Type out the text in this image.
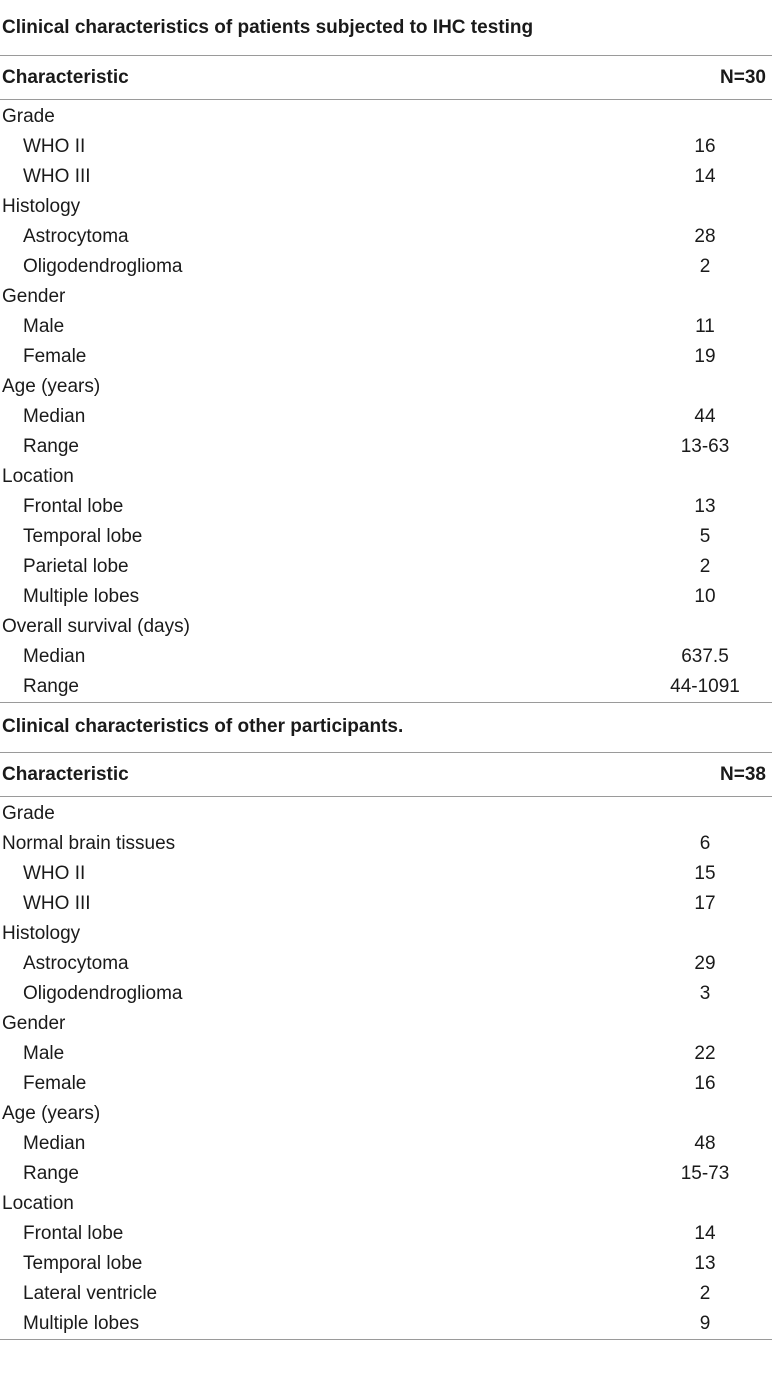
Clinical characteristics of patients subjected to IHC testing
Characteristic	N=30
Grade
WHO II	16
WHO III	14
Histology
Astrocytoma	28
Oligodendroglioma	2
Gender
Male	11
Female	19
Age (years)
Median	44
Range	13-63
Location
Frontal lobe	13
Temporal lobe	5
Parietal lobe	2
Multiple lobes	10
Overall survival (days)
Median	637.5
Range	44-1091
Clinical characteristics of other participants.
Characteristic	N=38
Grade
Normal brain tissues	6
WHO II	15
WHO III	17
Histology
Astrocytoma	29
Oligodendroglioma	3
Gender
Male	22
Female	16
Age (years)
Median	48
Range	15-73
Location
Frontal lobe	14
Temporal lobe	13
Lateral ventricle	2
Multiple lobes	9
